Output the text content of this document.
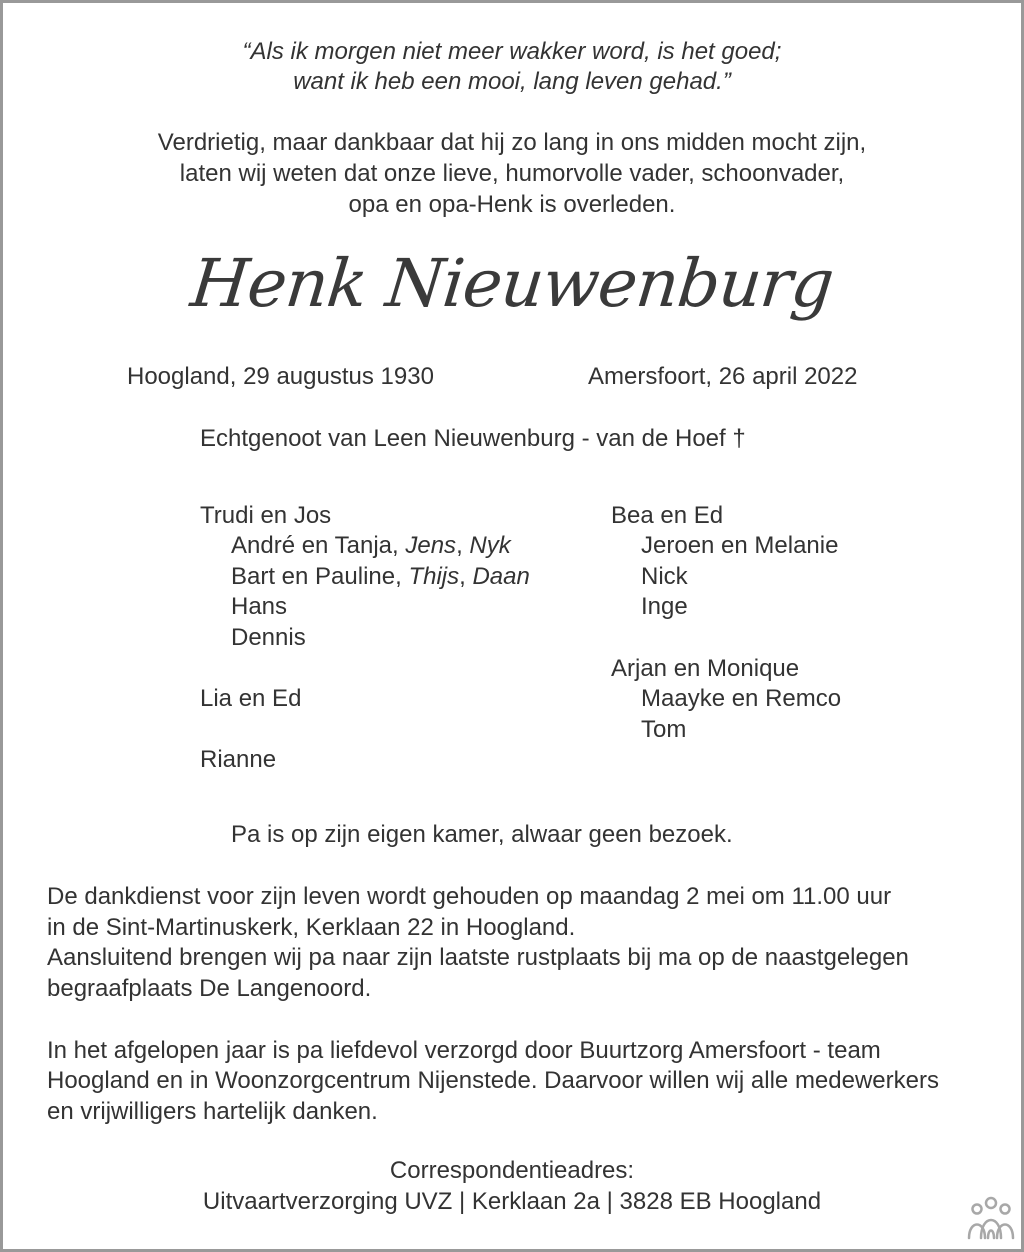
“Als ik morgen niet meer wakker word, is het goed;
want ik heb een mooi, lang leven gehad.”
Verdrietig, maar dankbaar dat hij zo lang in ons midden mocht zijn,
laten wij weten dat onze lieve, humorvolle vader, schoonvader,
opa en opa-Henk is overleden.
Henk Nieuwenburg
Hoogland, 29 augustus 1930	Amersfoort, 26 april 2022
Echtgenoot van Leen Nieuwenburg - van de Hoef †
Trudi en Jos
André en Tanja, Jens, Nyk
Bart en Pauline, Thijs, Daan
Hans
Dennis
Lia en Ed
Rianne
Bea en Ed
Jeroen en Melanie
Nick
Inge
Arjan en Monique
Maayke en Remco
Tom
Pa is op zijn eigen kamer, alwaar geen bezoek.
De dankdienst voor zijn leven wordt gehouden op maandag 2 mei om 11.00 uur
in de Sint-Martinuskerk, Kerklaan 22 in Hoogland.
Aansluitend brengen wij pa naar zijn laatste rustplaats bij ma op de naastgelegen
begraafplaats De Langenoord.
In het afgelopen jaar is pa liefdevol verzorgd door Buurtzorg Amersfoort - team
Hoogland en in Woonzorgcentrum Nijenstede. Daarvoor willen wij alle medewerkers
en vrijwilligers hartelijk danken.
Correspondentieadres:
Uitvaartverzorging UVZ | Kerklaan 2a | 3828 EB Hoogland
